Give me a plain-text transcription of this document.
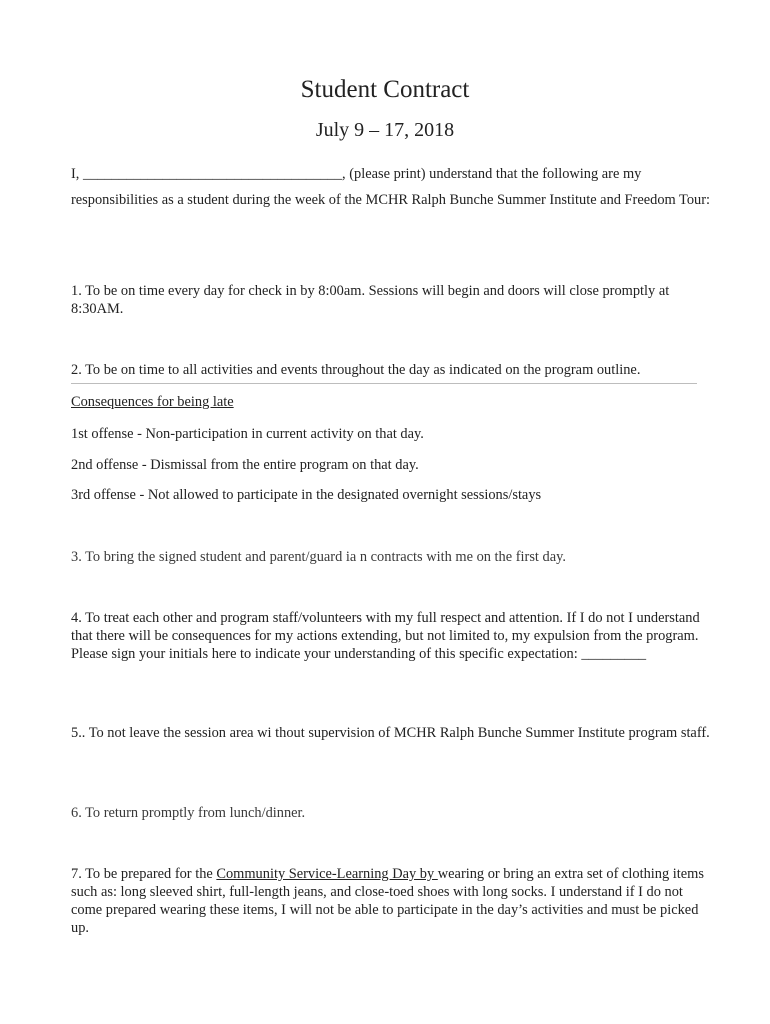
Student Contract
July 9 – 17, 2018
I, ____________________________________, (please print) understand that the following are my responsibilities as a student during the week of the MCHR Ralph Bunche Summer Institute and Freedom Tour:
1. To be on time every day for check in by 8:00am. Sessions will begin and doors will close promptly at 8:30AM.
2. To be on time to all activities and events throughout the day as indicated on the program outline.
Consequences for being late
1st offense - Non-participation in current activity on that day.
2nd offense - Dismissal from the entire program on that day.
3rd offense - Not allowed to participate in the designated overnight sessions/stays
3. To bring the signed student and parent/guard ia n contracts with me on the first day.
4. To treat each other and program staff/volunteers with my full respect and attention. If I do not I understand that there will be consequences for my actions extending, but not limited to, my expulsion from the program. Please sign your initials here to indicate your understanding of this specific expectation: _________
5.. To not leave the session area wi thout supervision of MCHR Ralph Bunche Summer Institute program staff.
6. To return promptly from lunch/dinner.
7. To be prepared for the Community Service-Learning Day by wearing or bring an extra set of clothing items such as: long sleeved shirt, full-length jeans, and close-toed shoes with long socks. I understand if I do not come prepared wearing these items, I will not be able to participate in the day’s activities and must be picked up.
